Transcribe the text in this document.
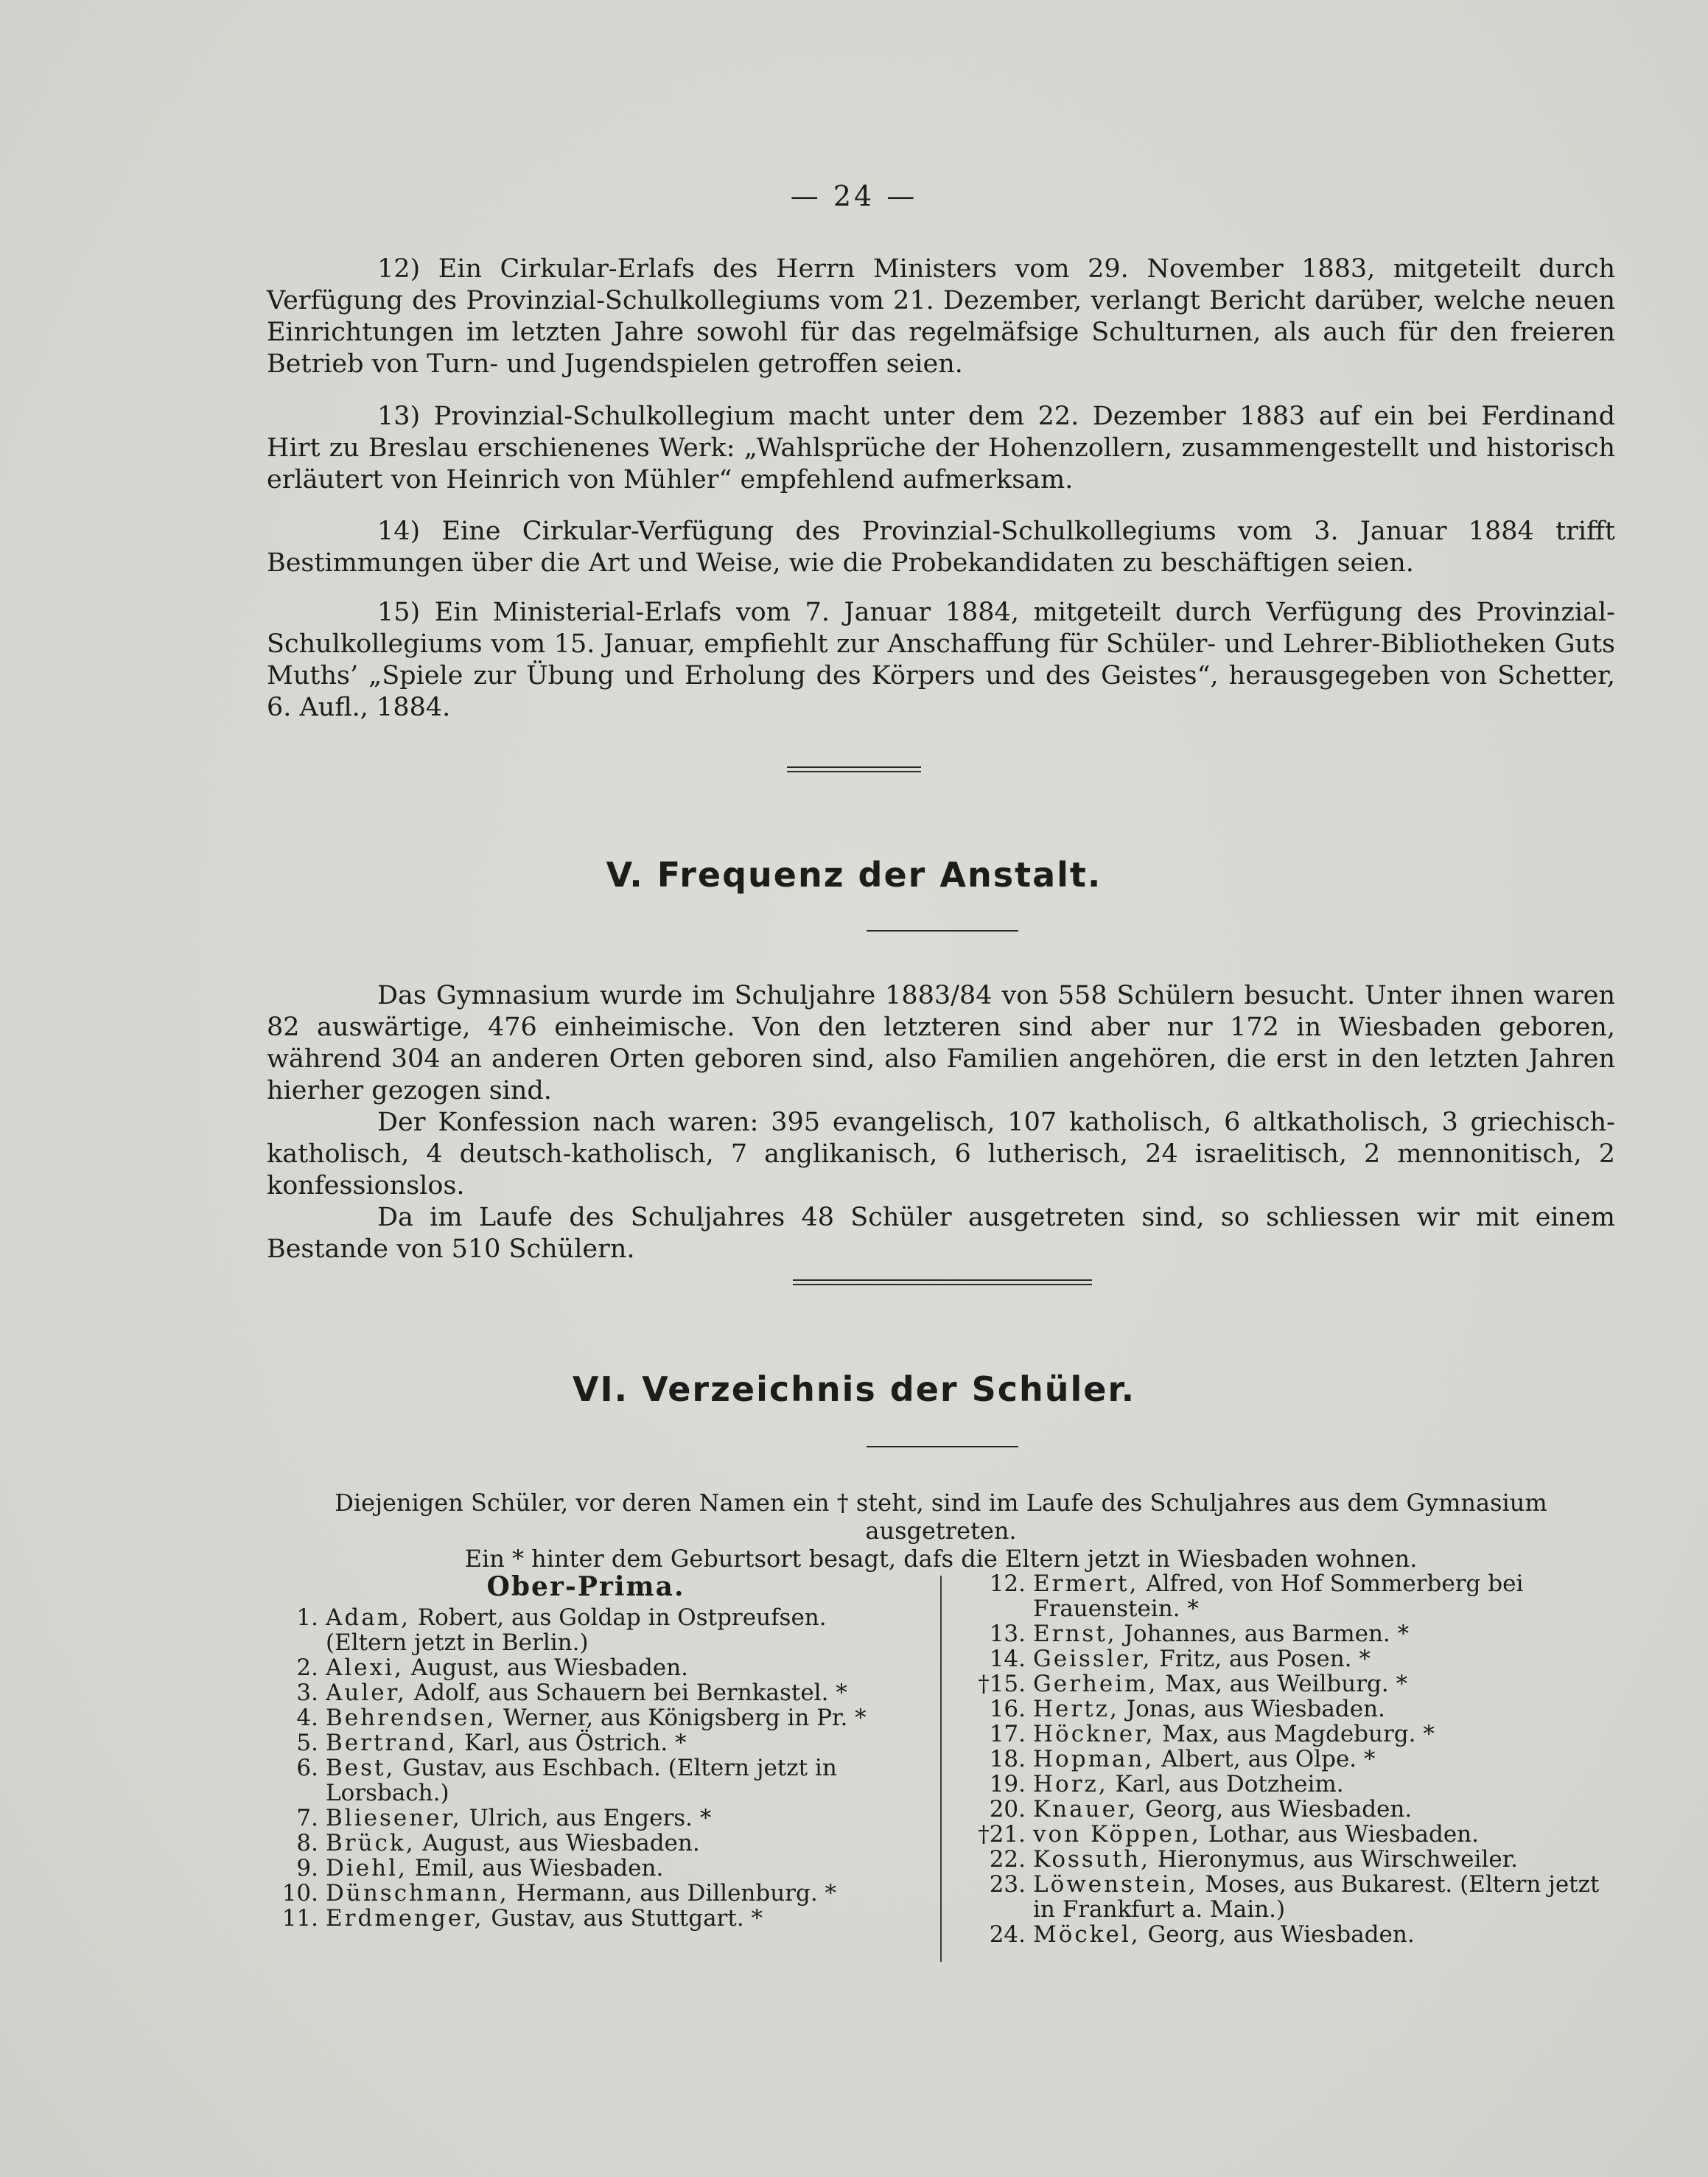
— 24 —

12) Ein Cirkular-Erlafs des Herrn Ministers vom 29. November 1883, mitgeteilt durch Verfügung des Provinzial-Schulkollegiums vom 21. Dezember, verlangt Bericht darüber, welche neuen Einrichtungen im letzten Jahre sowohl für das regelmäfsige Schulturnen, als auch für den freieren Betrieb von Turn- und Jugendspielen getroffen seien.

13) Provinzial-Schulkollegium macht unter dem 22. Dezember 1883 auf ein bei Ferdinand Hirt zu Breslau erschienenes Werk: „Wahlsprüche der Hohenzollern, zusammengestellt und historisch erläutert von Heinrich von Mühler“ empfehlend aufmerksam.

14) Eine Cirkular-Verfügung des Provinzial-Schulkollegiums vom 3. Januar 1884 trifft Bestimmungen über die Art und Weise, wie die Probekandidaten zu beschäftigen seien.

15) Ein Ministerial-Erlafs vom 7. Januar 1884, mitgeteilt durch Verfügung des Provinzial-Schulkollegiums vom 15. Januar, empfiehlt zur Anschaffung für Schüler- und Lehrer-Bibliotheken Guts Muths’ „Spiele zur Übung und Erholung des Körpers und des Geistes“, herausgegeben von Schetter, 6. Aufl., 1884.

V. Frequenz der Anstalt.

Das Gymnasium wurde im Schuljahre 1883/84 von 558 Schülern besucht. Unter ihnen waren 82 auswärtige, 476 einheimische. Von den letzteren sind aber nur 172 in Wiesbaden geboren, während 304 an anderen Orten geboren sind, also Familien angehören, die erst in den letzten Jahren hierher gezogen sind.

Der Konfession nach waren: 395 evangelisch, 107 katholisch, 6 altkatholisch, 3 griechisch-katholisch, 4 deutsch-katholisch, 7 anglikanisch, 6 lutherisch, 24 israelitisch, 2 mennonitisch, 2 konfessionslos.

Da im Laufe des Schuljahres 48 Schüler ausgetreten sind, so schliessen wir mit einem Bestande von 510 Schülern.

VI. Verzeichnis der Schüler.
Diejenigen Schüler, vor deren Namen ein † steht, sind im Laufe des Schuljahres aus dem Gymnasium ausgetreten.
Ein * hinter dem Geburtsort besagt, dafs die Eltern jetzt in Wiesbaden wohnen.
Ober-Prima.
1. Adam, Robert, aus Goldap in Ostpreufsen. (Eltern jetzt in Berlin.)
2. Alexi, August, aus Wiesbaden.
3. Auler, Adolf, aus Schauern bei Bernkastel. *
4. Behrendsen, Werner, aus Königsberg in Pr. *
5. Bertrand, Karl, aus Östrich. *
6. Best, Gustav, aus Eschbach. (Eltern jetzt in Lorsbach.)
7. Bliesener, Ulrich, aus Engers. *
8. Brück, August, aus Wiesbaden.
9. Diehl, Emil, aus Wiesbaden.
10. Dünschmann, Hermann, aus Dillenburg. *
11. Erdmenger, Gustav, aus Stuttgart. *
12. Ermert, Alfred, von Hof Sommerberg bei Frauenstein. *
13. Ernst, Johannes, aus Barmen. *
14. Geissler, Fritz, aus Posen. *
†15. Gerheim, Max, aus Weilburg. *
16. Hertz, Jonas, aus Wiesbaden.
17. Höckner, Max, aus Magdeburg. *
18. Hopman, Albert, aus Olpe. *
19. Horz, Karl, aus Dotzheim.
20. Knauer, Georg, aus Wiesbaden.
†21. von Köppen, Lothar, aus Wiesbaden.
22. Kossuth, Hieronymus, aus Wirschweiler.
23. Löwenstein, Moses, aus Bukarest. (Eltern jetzt in Frankfurt a. Main.)
24. Möckel, Georg, aus Wiesbaden.
